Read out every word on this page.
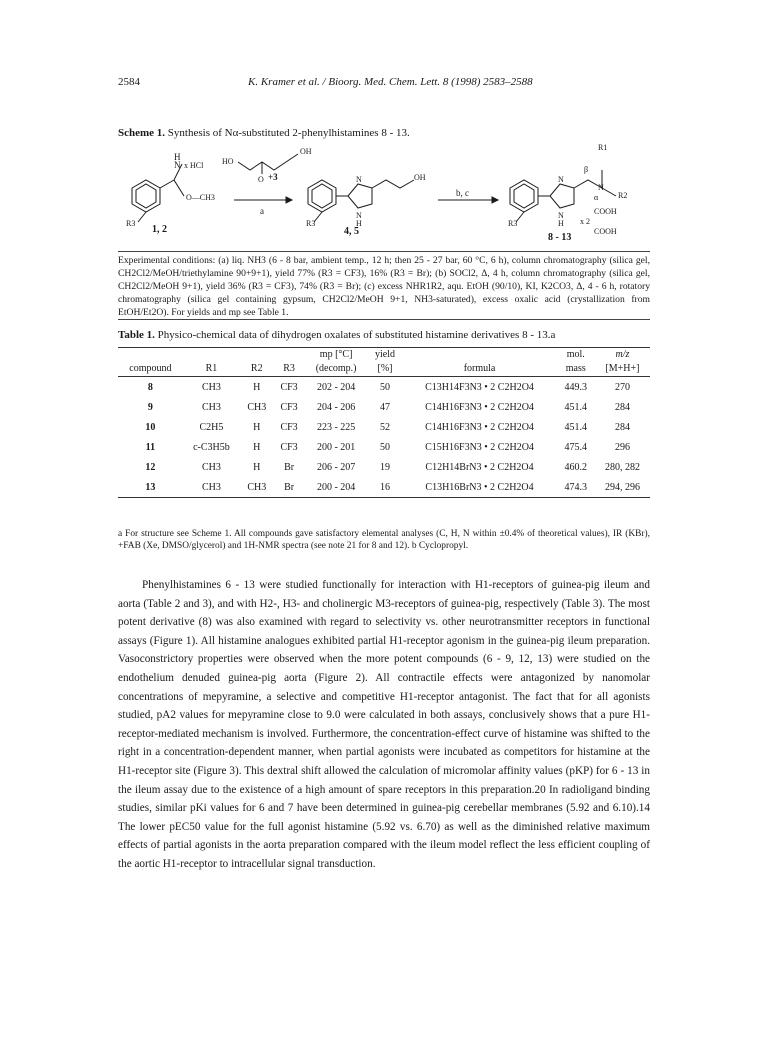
2584	K. Kramer et al. / Bioorg. Med. Chem. Lett. 8 (1998) 2583–2588
Scheme 1. Synthesis of Nα-substituted 2-phenylhistamines 8 - 13.
H
N x HCl
O—CH3
R3
1, 2
HO
OH
O +3
a
N
N
H
OH
R3
4, 5
b, c
R1
β
α
N
R2
N
N
H
R3
COOH
x 2
COOH
8 - 13
Experimental conditions: (a) liq. NH3 (6 - 8 bar, ambient temp., 12 h; then 25 - 27 bar, 60 °C, 6 h), column chromatography (silica gel, CH2Cl2/MeOH/triethylamine 90+9+1), yield 77% (R3 = CF3), 16% (R3 = Br); (b) SOCl2, Δ, 4 h, column chromatography (silica gel, CH2Cl2/MeOH 9+1), yield 36% (R3 = CF3), 74% (R3 = Br); (c) excess NHR1R2, aqu. EtOH (90/10), KI, K2CO3, Δ, 4 - 6 h, rotatory chromatography (silica gel containing gypsum, CH2Cl2/MeOH 9+1, NH3-saturated), excess oxalic acid (crystallization from EtOH/Et2O). For yields and mp see Table 1.
Table 1. Physico-chemical data of dihydrogen oxalates of substituted histamine derivatives 8 - 13.a
				mp [°C]	yield		mol.	m/z
compound	R1	R2	R3	(decomp.)	[%]	formula	mass	[M+H+]
8	CH3	H	CF3	202 - 204	50	C13H14F3N3 • 2 C2H2O4	449.3	270
9	CH3	CH3	CF3	204 - 206	47	C14H16F3N3 • 2 C2H2O4	451.4	284
10	C2H5	H	CF3	223 - 225	52	C14H16F3N3 • 2 C2H2O4	451.4	284
11	c-C3H5b	H	CF3	200 - 201	50	C15H16F3N3 • 2 C2H2O4	475.4	296
12	CH3	H	Br	206 - 207	19	C12H14BrN3 • 2 C2H2O4	460.2	280, 282
13	CH3	CH3	Br	200 - 204	16	C13H16BrN3 • 2 C2H2O4	474.3	294, 296
a For structure see Scheme 1. All compounds gave satisfactory elemental analyses (C, H, N within ±0.4% of theoretical values), IR (KBr), +FAB (Xe, DMSO/glycerol) and 1H-NMR spectra (see note 21 for 8 and 12). b Cyclopropyl.

Phenylhistamines 6 - 13 were studied functionally for interaction with H1-receptors of guinea-pig ileum and aorta (Table 2 and 3), and with H2-, H3- and cholinergic M3-receptors of guinea-pig, respectively (Table 3). The most potent derivative (8) was also examined with regard to selectivity vs. other neurotransmitter receptors in functional assays (Figure 1). All histamine analogues exhibited partial H1-receptor agonism in the guinea-pig ileum preparation. Vasoconstrictory properties were observed when the more potent compounds (6 - 9, 12, 13) were studied on the endothelium denuded guinea-pig aorta (Figure 2). All contractile effects were antagonized by nanomolar concentrations of mepyramine, a selective and competitive H1-receptor antagonist. The fact that for all agonists studied, pA2 values for mepyramine close to 9.0 were calculated in both assays, conclusively shows that a pure H1-receptor-mediated mechanism is involved. Furthermore, the concentration-effect curve of histamine was shifted to the right in a concentration-dependent manner, when partial agonists were incubated as competitors for histamine at the H1-receptor site (Figure 3). This dextral shift allowed the calculation of micromolar affinity values (pKP) for 6 - 13 in the ileum assay due to the existence of a high amount of spare receptors in this preparation.20 In radioligand binding studies, similar pKi values for 6 and 7 have been determined in guinea-pig cerebellar membranes (5.92 and 6.10).14 The lower pEC50 value for the full agonist histamine (5.92 vs. 6.70) as well as the diminished relative maximum effects of partial agonists in the aorta preparation compared with the ileum model reflect the less efficient coupling of the aortic H1-receptor to intracellular signal transduction.
